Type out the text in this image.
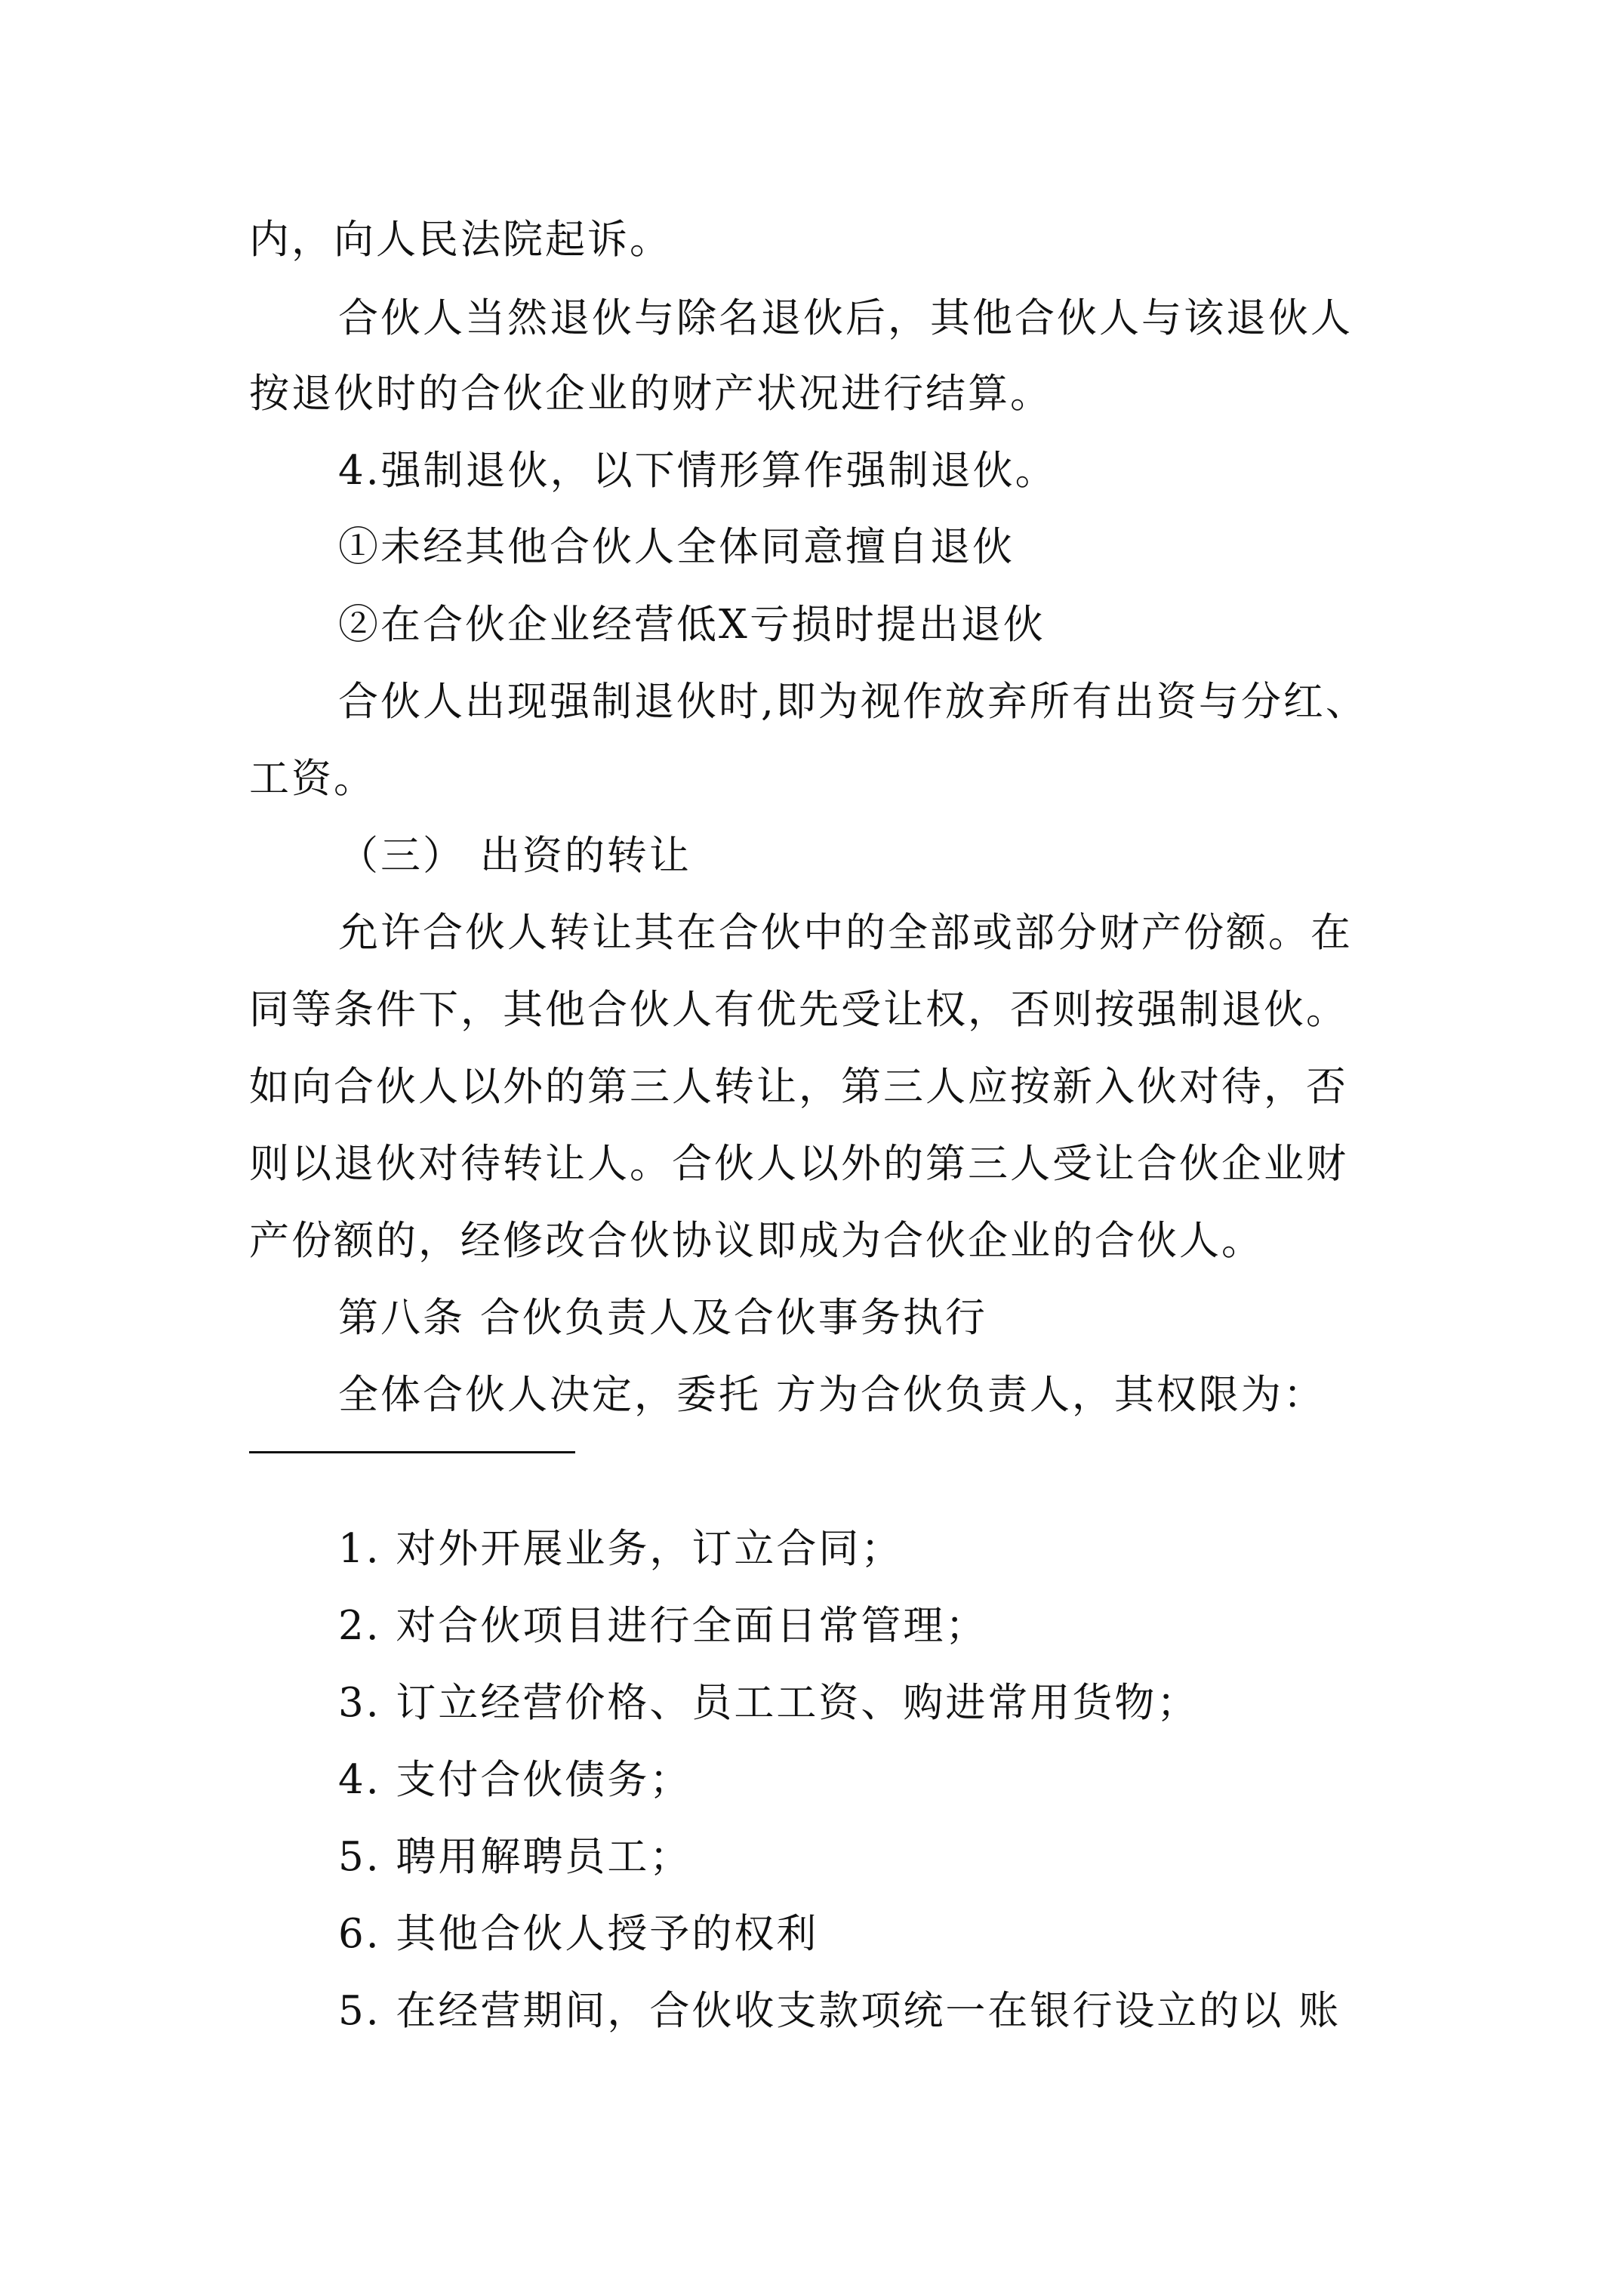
内，向人民法院起诉。
合伙人当然退伙与除名退伙后，其他合伙人与该退伙人
按退伙时的合伙企业的财产状况进行结算。
4.强制退伙，以下情形算作强制退伙。
①未经其他合伙人全体同意擅自退伙
②在合伙企业经营低X亏损时提出退伙
合伙人出现强制退伙时,即为视作放弃所有出资与分红、
工资。
（三） 出资的转让
允许合伙人转让其在合伙中的全部或部分财产份额。在
同等条件下，其他合伙人有优先受让权，否则按强制退伙。
如向合伙人以外的第三人转让，第三人应按新入伙对待，否
则以退伙对待转让人。合伙人以外的第三人受让合伙企业财
产份额的，经修改合伙协议即成为合伙企业的合伙人。
第八条 合伙负责人及合伙事务执行
全体合伙人决定，委托 方为合伙负责人，其权限为：
1. 对外开展业务，订立合同；
2. 对合伙项目进行全面日常管理；
3. 订立经营价格、员工工资、购进常用货物；
4. 支付合伙债务；
5. 聘用解聘员工；
6. 其他合伙人授予的权利
5. 在经营期间，合伙收支款项统一在银行设立的以 账
